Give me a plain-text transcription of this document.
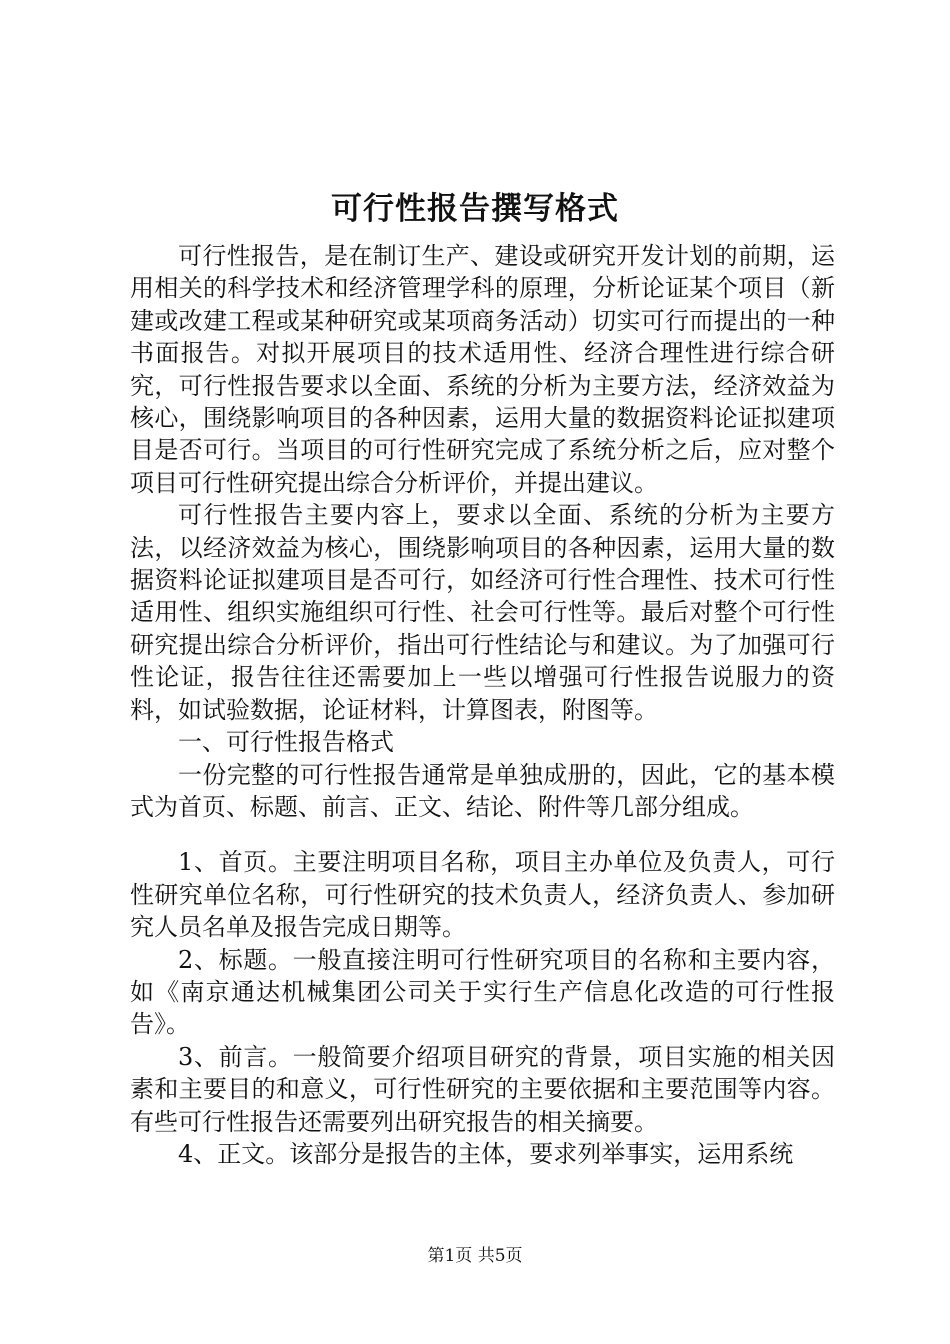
可行性报告撰写格式

可行性报告，是在制订生产、建设或研究开发计划的前期，运用相关的科学技术和经济管理学科的原理，分析论证某个项目（新建或改建工程或某种研究或某项商务活动）切实可行而提出的一种书面报告。对拟开展项目的技术适用性、经济合理性进行综合研究，可行性报告要求以全面、系统的分析为主要方法，经济效益为核心，围绕影响项目的各种因素，运用大量的数据资料论证拟建项目是否可行。当项目的可行性研究完成了系统分析之后，应对整个项目可行性研究提出综合分析评价，并提出建议。

可行性报告主要内容上，要求以全面、系统的分析为主要方法，以经济效益为核心，围绕影响项目的各种因素，运用大量的数据资料论证拟建项目是否可行，如经济可行性合理性、技术可行性适用性、组织实施组织可行性、社会可行性等。最后对整个可行性研究提出综合分析评价，指出可行性结论与和建议。为了加强可行性论证，报告往往还需要加上一些以增强可行性报告说服力的资料，如试验数据，论证材料，计算图表，附图等。

一、可行性报告格式

一份完整的可行性报告通常是单独成册的，因此，它的基本模式为首页、标题、前言、正文、结论、附件等几部分组成。

1、首页。主要注明项目名称，项目主办单位及负责人，可行性研究单位名称，可行性研究的技术负责人，经济负责人、参加研究人员名单及报告完成日期等。

2、标题。一般直接注明可行性研究项目的名称和主要内容，如《南京通达机械集团公司关于实行生产信息化改造的可行性报告》。

3、前言。一般简要介绍项目研究的背景，项目实施的相关因素和主要目的和意义，可行性研究的主要依据和主要范围等内容。有些可行性报告还需要列出研究报告的相关摘要。

4、正文。该部分是报告的主体，要求列举事实，运用系统

第1页 共5页
